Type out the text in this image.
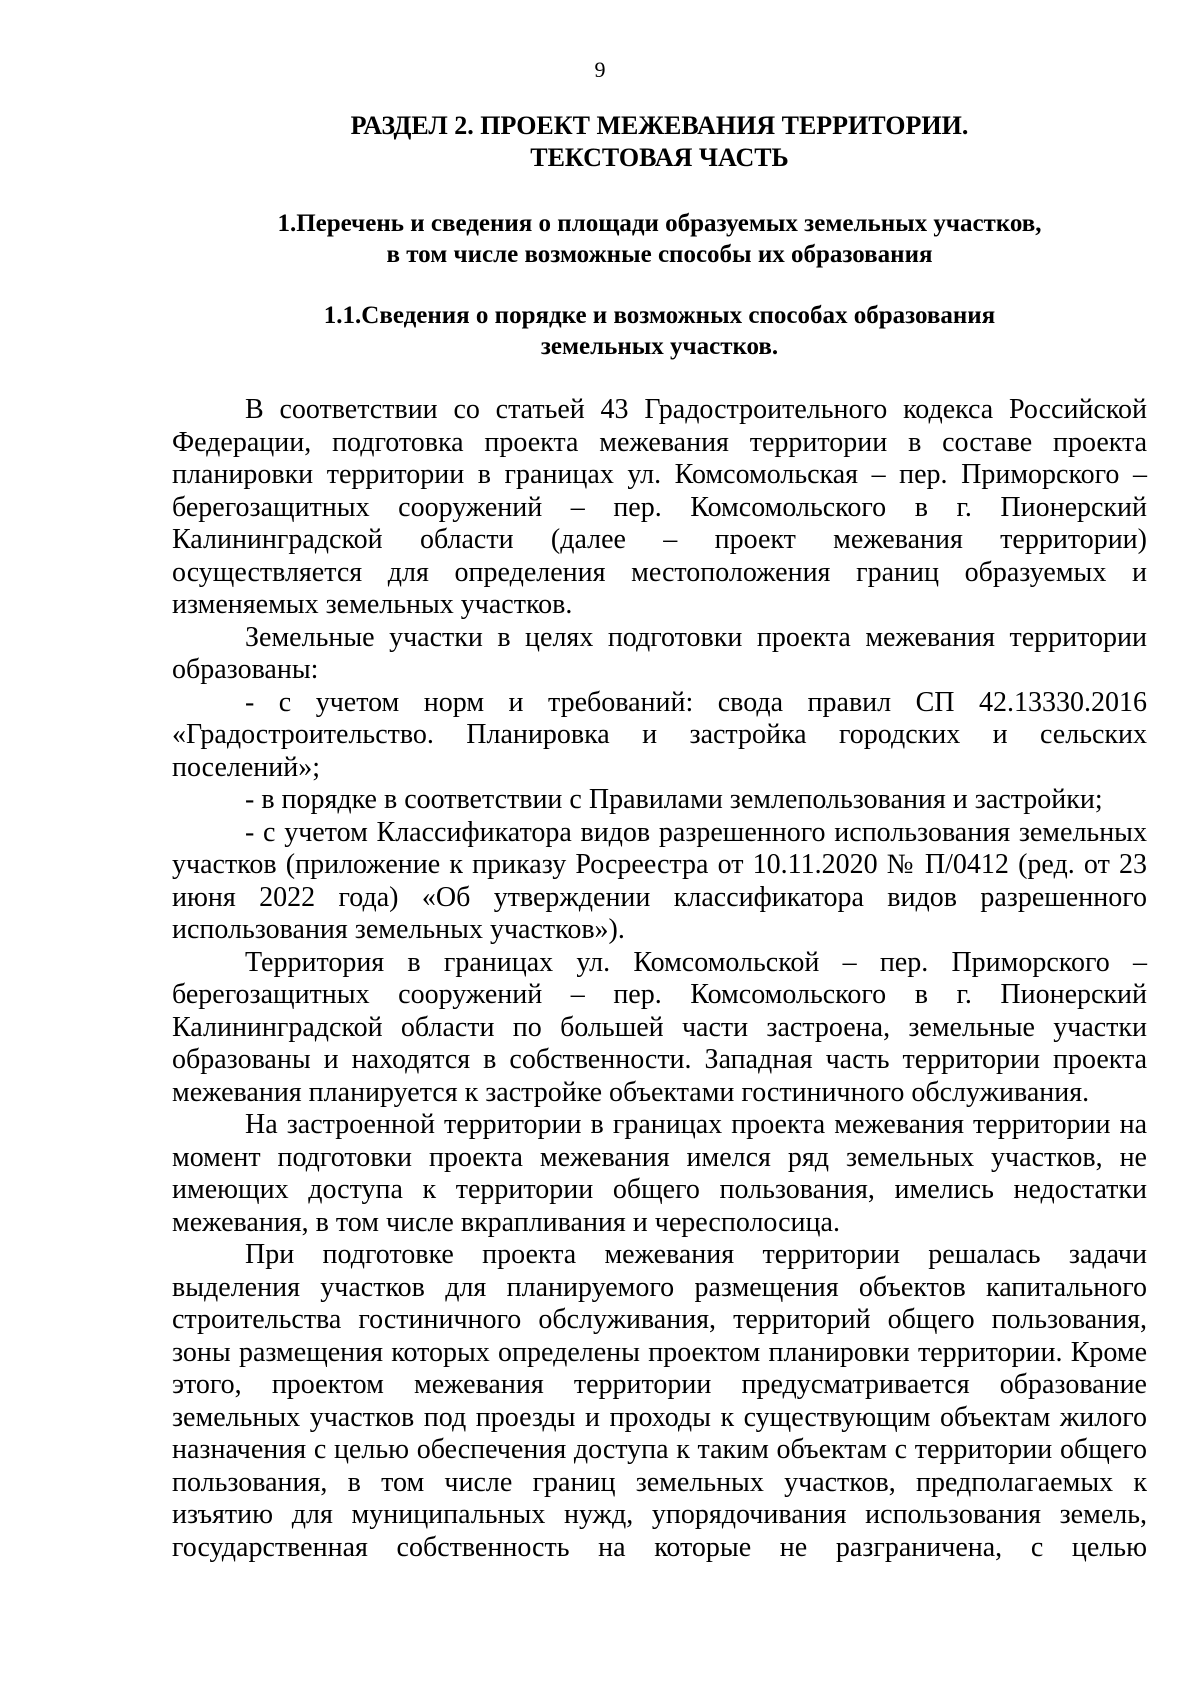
9
РАЗДЕЛ 2. ПРОЕКТ МЕЖЕВАНИЯ ТЕРРИТОРИИ.
ТЕКСТОВАЯ ЧАСТЬ
1.Перечень и сведения о площади образуемых земельных участков,
в том числе возможные способы их образования
1.1.Сведения о порядке и возможных способах образования
земельных участков.

В соответствии со статьей 43 Градостроительного кодекса Российской Федерации, подготовка проекта межевания территории в составе проекта планировки территории в границах ул. Комсомольская – пер. Приморского – берегозащитных сооружений – пер. Комсомольского в г. Пионерский Калининградской области (далее – проект межевания территории) осуществляется для определения местоположения границ образуемых и изменяемых земельных участков.

Земельные участки в целях подготовки проекта межевания территории образованы:

- с учетом норм и требований: свода правил СП 42.13330.2016 «Градостроительство. Планировка и застройка городских и сельских поселений»;

- в порядке в соответствии с Правилами землепользования и застройки;

- с учетом Классификатора видов разрешенного использования земельных участков (приложение к приказу Росреестра от 10.11.2020 № П/0412 (ред. от 23 июня 2022 года) «Об утверждении классификатора видов разрешенного использования земельных участков»).

Территория в границах ул. Комсомольской – пер. Приморского – берегозащитных сооружений – пер. Комсомольского в г. Пионерский Калининградской области по большей части застроена, земельные участки образованы и находятся в собственности. Западная часть территории проекта межевания планируется к застройке объектами гостиничного обслуживания.

На застроенной территории в границах проекта межевания территории на момент подготовки проекта межевания имелся ряд земельных участков, не имеющих доступа к территории общего пользования, имелись недостатки межевания, в том числе вкрапливания и чересполосица.

При подготовке проекта межевания территории решалась задачи выделения участков для планируемого размещения объектов капитального строительства гостиничного обслуживания, территорий общего пользования, зоны размещения которых определены проектом планировки территории. Кроме этого, проектом межевания территории предусматривается образование земельных участков под проезды и проходы к существующим объектам жилого назначения с целью обеспечения доступа к таким объектам с территории общего пользования, в том числе границ земельных участков, предполагаемых к изъятию для муниципальных нужд, упорядочивания использования земель, государственная собственность на которые не разграничена, с целью
